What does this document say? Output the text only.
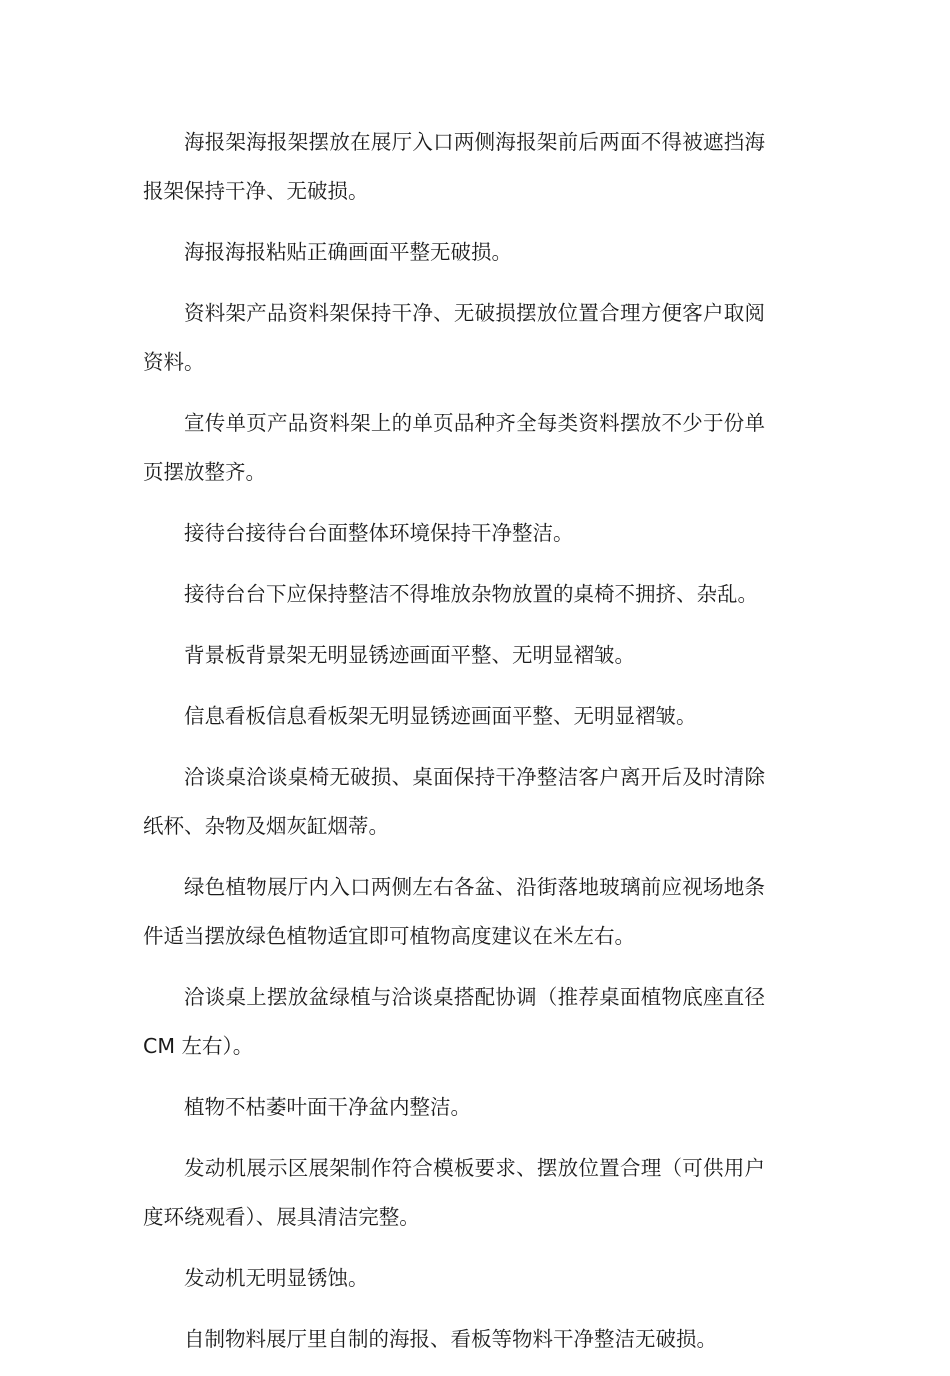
海报架海报架摆放在展厅入口两侧海报架前后两面不得被遮挡海报架保持干净、无破损。

海报海报粘贴正确画面平整无破损。

资料架产品资料架保持干净、无破损摆放位置合理方便客户取阅资料。

宣传单页产品资料架上的单页品种齐全每类资料摆放不少于份单页摆放整齐。

接待台接待台台面整体环境保持干净整洁。

接待台台下应保持整洁不得堆放杂物放置的桌椅不拥挤、杂乱。

背景板背景架无明显锈迹画面平整、无明显褶皱。

信息看板信息看板架无明显锈迹画面平整、无明显褶皱。

洽谈桌洽谈桌椅无破损、桌面保持干净整洁客户离开后及时清除纸杯、杂物及烟灰缸烟蒂。

绿色植物展厅内入口两侧左右各盆、沿街落地玻璃前应视场地条件适当摆放绿色植物适宜即可植物高度建议在米左右。

洽谈桌上摆放盆绿植与洽谈桌搭配协调（推荐桌面植物底座直径CM 左右）。

植物不枯萎叶面干净盆内整洁。

发动机展示区展架制作符合模板要求、摆放位置合理（可供用户度环绕观看）、展具清洁完整。

发动机无明显锈蚀。

自制物料展厅里自制的海报、看板等物料干净整洁无破损。
